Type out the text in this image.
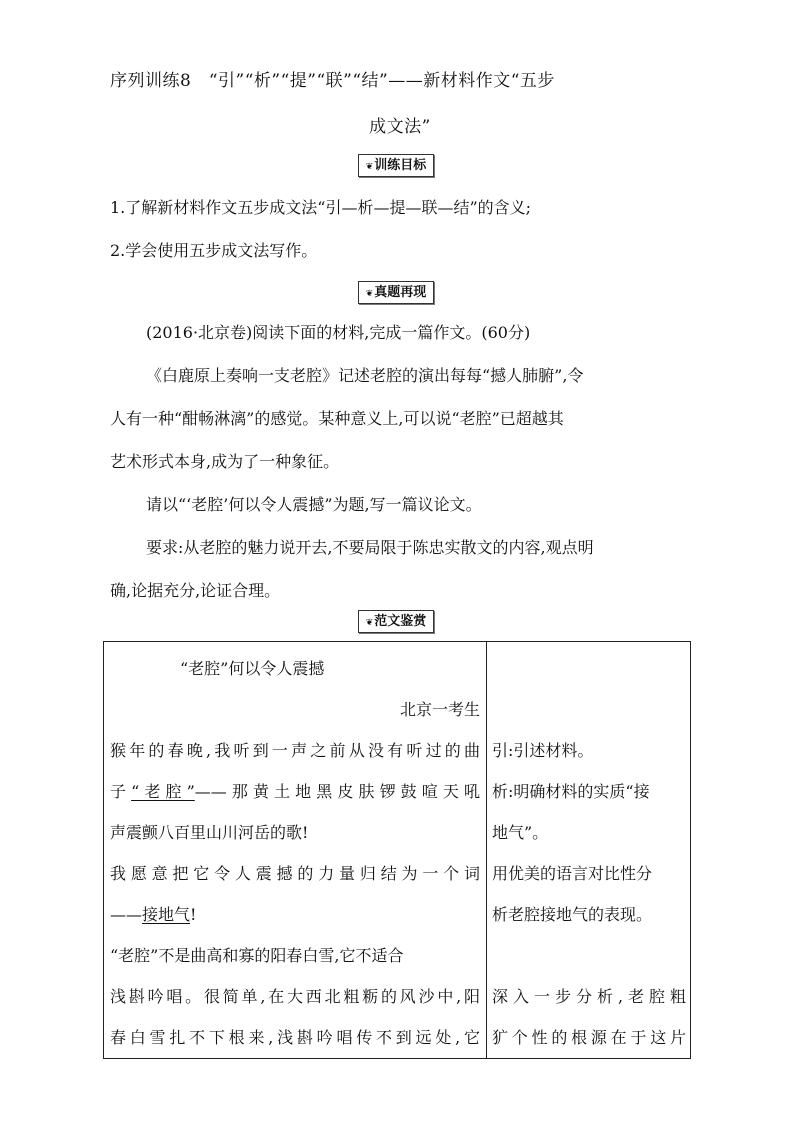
序列训练8　“引”“析”“提”“联”“结”——新材料作文“五步
成文法”
❦训练目标

1.了解新材料作文五步成文法“引—析—提—联—结”的含义;

2.学会使用五步成文法写作。

❦真题再现

(2016·北京卷)阅读下面的材料,完成一篇作文。(60分)

《白鹿原上奏响一支老腔》记述老腔的演出每每“撼人肺腑”,令
人有一种“酣畅淋漓”的感觉。某种意义上,可以说“老腔”已超越其
艺术形式本身,成为了一种象征。

请以“‘老腔’何以令人震撼”为题,写一篇议论文。

要求:从老腔的魅力说开去,不要局限于陈忠实散文的内容,观点明
确,论据充分,论证合理。
❦范文鉴赏
“老腔”何以令人震撼
北京一考生
猴年的春晚,我听到一声之前从没有听过的曲
子“老腔”——那黄土地黑皮肤锣鼓喧天吼
声震颤八百里山川河岳的歌!
我愿意把它令人震撼的力量归结为一个词
——接地气!
“老腔”不是曲高和寡的阳春白雪,它不适合
浅斟吟唱。很简单,在大西北粗粝的风沙中,阳
春白雪扎不下根来,浅斟吟唱传不到远处,它

引:引述材料。
析:明确材料的实质“接
地气”。
用优美的语言对比性分
析老腔接地气的表现。

深入一步分析,老腔粗
犷个性的根源在于这片
